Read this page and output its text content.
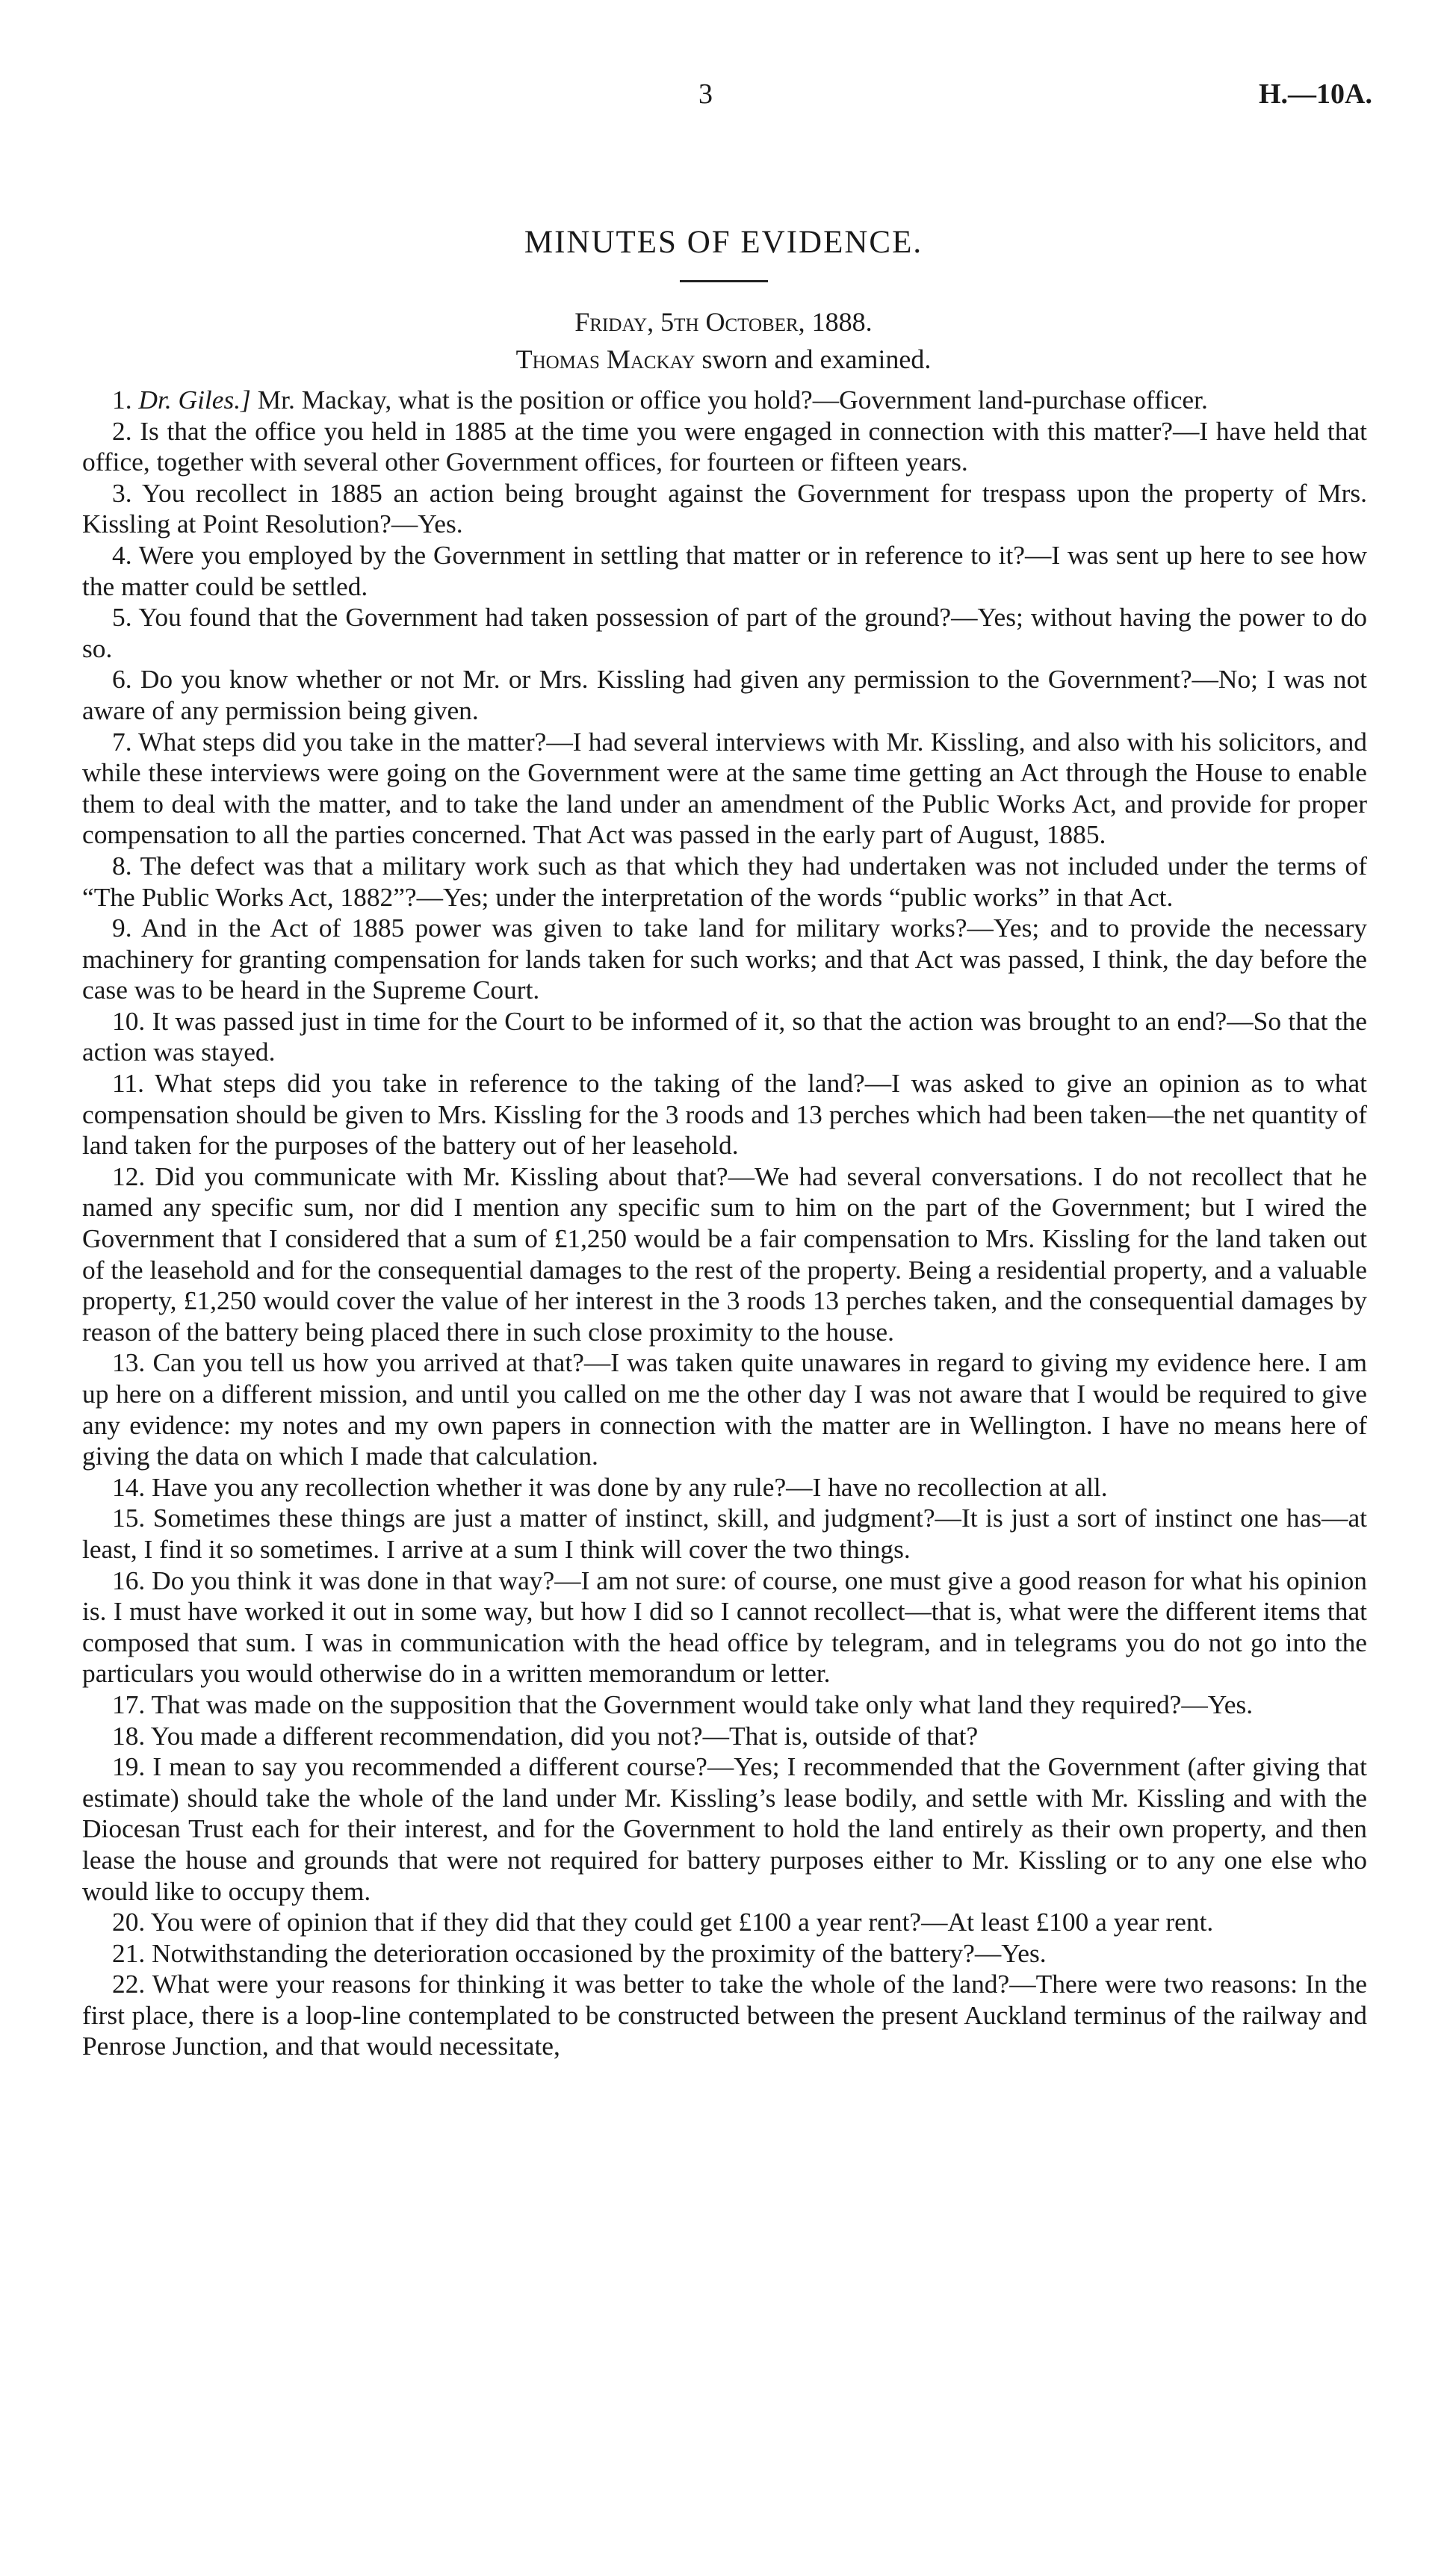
3	H.—10A.
MINUTES OF EVIDENCE.
Friday, 5th October, 1888.
Thomas Mackay sworn and examined.

1. Dr. Giles.] Mr. Mackay, what is the position or office you hold?—Government land-purchase officer.

2. Is that the office you held in 1885 at the time you were engaged in connection with this matter?—I have held that office, together with several other Government offices, for fourteen or fifteen years.

3. You recollect in 1885 an action being brought against the Government for trespass upon the property of Mrs. Kissling at Point Resolution?—Yes.

4. Were you employed by the Government in settling that matter or in reference to it?—I was sent up here to see how the matter could be settled.

5. You found that the Government had taken possession of part of the ground?—Yes; without having the power to do so.

6. Do you know whether or not Mr. or Mrs. Kissling had given any permission to the Government?—No; I was not aware of any permission being given.

7. What steps did you take in the matter?—I had several interviews with Mr. Kissling, and also with his solicitors, and while these interviews were going on the Government were at the same time getting an Act through the House to enable them to deal with the matter, and to take the land under an amendment of the Public Works Act, and provide for proper compensation to all the parties concerned. That Act was passed in the early part of August, 1885.

8. The defect was that a military work such as that which they had undertaken was not included under the terms of “The Public Works Act, 1882”?—Yes; under the interpretation of the words “public works” in that Act.

9. And in the Act of 1885 power was given to take land for military works?—Yes; and to provide the necessary machinery for granting compensation for lands taken for such works; and that Act was passed, I think, the day before the case was to be heard in the Supreme Court.

10. It was passed just in time for the Court to be informed of it, so that the action was brought to an end?—So that the action was stayed.

11. What steps did you take in reference to the taking of the land?—I was asked to give an opinion as to what compensation should be given to Mrs. Kissling for the 3 roods and 13 perches which had been taken—the net quantity of land taken for the purposes of the battery out of her leasehold.

12. Did you communicate with Mr. Kissling about that?—We had several conversations. I do not recollect that he named any specific sum, nor did I mention any specific sum to him on the part of the Government; but I wired the Government that I considered that a sum of £1,250 would be a fair compensation to Mrs. Kissling for the land taken out of the leasehold and for the consequential damages to the rest of the property. Being a residential property, and a valuable property, £1,250 would cover the value of her interest in the 3 roods 13 perches taken, and the consequential damages by reason of the battery being placed there in such close proximity to the house.

13. Can you tell us how you arrived at that?—I was taken quite unawares in regard to giving my evidence here. I am up here on a different mission, and until you called on me the other day I was not aware that I would be required to give any evidence: my notes and my own papers in connection with the matter are in Wellington. I have no means here of giving the data on which I made that calculation.

14. Have you any recollection whether it was done by any rule?—I have no recollection at all.

15. Sometimes these things are just a matter of instinct, skill, and judgment?—It is just a sort of instinct one has—at least, I find it so sometimes. I arrive at a sum I think will cover the two things.

16. Do you think it was done in that way?—I am not sure: of course, one must give a good reason for what his opinion is. I must have worked it out in some way, but how I did so I cannot recollect—that is, what were the different items that composed that sum. I was in communication with the head office by telegram, and in telegrams you do not go into the particulars you would otherwise do in a written memorandum or letter.

17. That was made on the supposition that the Government would take only what land they required?—Yes.

18. You made a different recommendation, did you not?—That is, outside of that?

19. I mean to say you recommended a different course?—Yes; I recommended that the Government (after giving that estimate) should take the whole of the land under Mr. Kissling’s lease bodily, and settle with Mr. Kissling and with the Diocesan Trust each for their interest, and for the Government to hold the land entirely as their own property, and then lease the house and grounds that were not required for battery purposes either to Mr. Kissling or to any one else who would like to occupy them.

20. You were of opinion that if they did that they could get £100 a year rent?—At least £100 a year rent.

21. Notwithstanding the deterioration occasioned by the proximity of the battery?—Yes.

22. What were your reasons for thinking it was better to take the whole of the land?—There were two reasons: In the first place, there is a loop-line contemplated to be constructed between the present Auckland terminus of the railway and Penrose Junction, and that would necessitate,
